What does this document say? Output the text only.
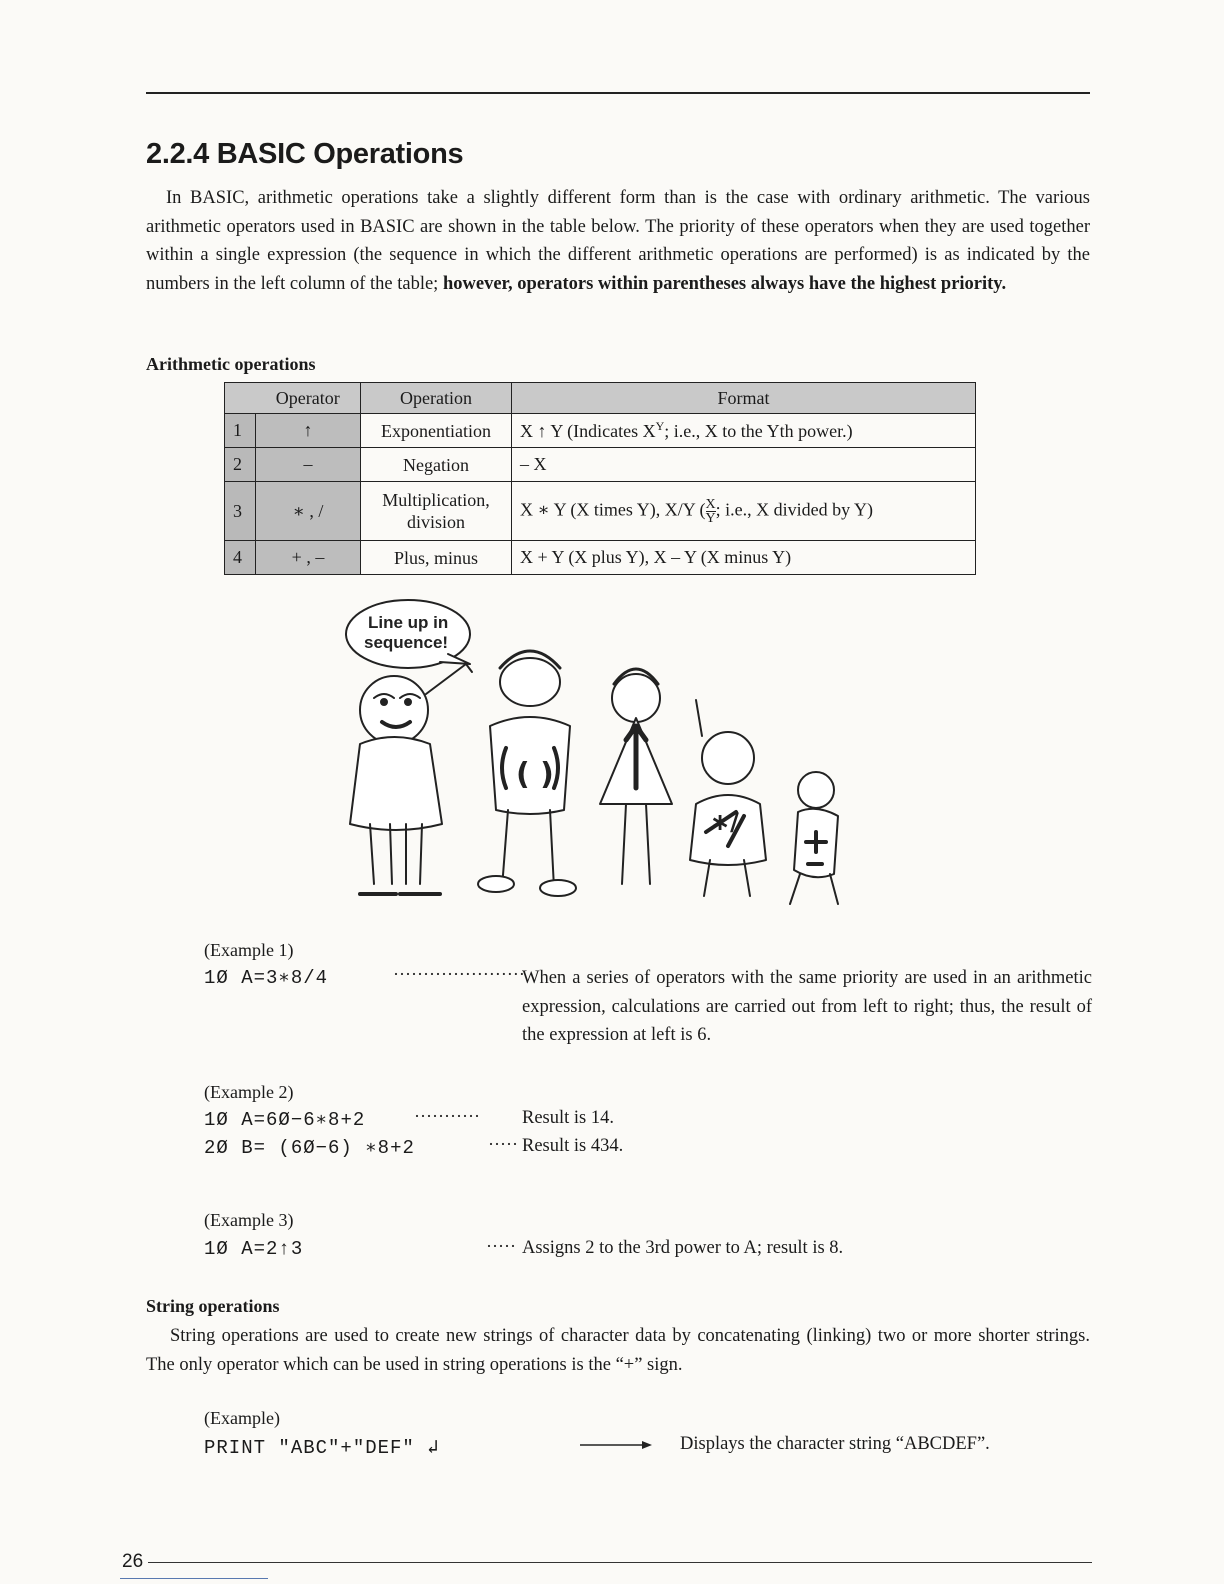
2.2.4 BASIC Operations

In BASIC, arithmetic operations take a slightly different form than is the case with ordinary arithmetic. The various arithmetic operators used in BASIC are shown in the table below. The priority of these operators when they are used together within a single expression (the sequence in which the different arithmetic operations are performed) is as indicated by the numbers in the left column of the table; however, operators within parentheses always have the highest priority.

Arithmetic operations
	Operator	Operation	Format
1	↑	Exponentiation	X ↑ Y (Indicates $X^Y$; i.e., X to the Yth power.)
2	–	Negation	– X
3	∗ , /	Multiplication, division	X ∗ Y (X times Y), X/Y ( $\frac{X}{Y}$ ; i.e., X divided by Y)
4	+ , –	Plus, minus	X + Y (X plus Y), X – Y (X minus Y)
Line up in
sequence!
( )
∗/
(Example 1)
1Ø A=3∗8/4	······················
When a series of operators with the same priority are used in an arithmetic expression, calculations are carried out from left to right; thus, the result of the expression at left is 6.
(Example 2)
1Ø A=6Ø−6∗8+2	··········· Result is 14.
2Ø B= (6Ø−6) ∗8+2	····· Result is 434.
(Example 3)
1Ø A=2↑3	····· Assigns 2 to the 3rd power to A; result is 8.
String operations

String operations are used to create new strings of character data by concatenating (linking) two or more shorter strings. The only operator which can be used in string operations is the “+” sign.

(Example)
PRINT "ABC"+"DEF" ↲	Displays the character string “ABCDEF”.
26
